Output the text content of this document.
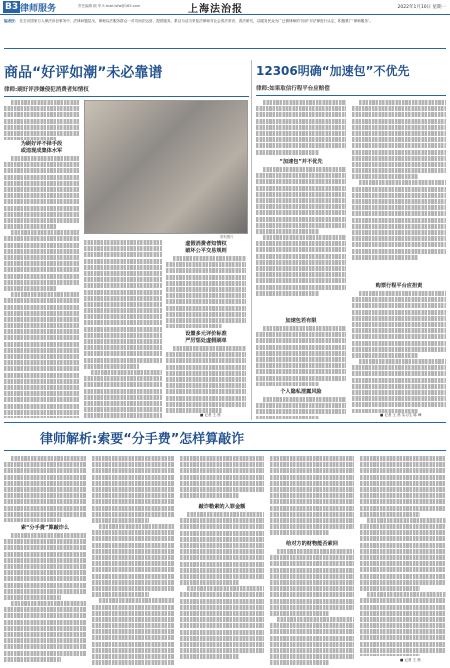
B3 律师服务	责任编辑 顾 军 E-mail:lsfw@163.com	上海法治报	2022年1月10日 星期一
编者按： 在走访国家万人律法诉讼事务中，法律问题层出，律师以法服务群众一对司而法运营、提供服务。系以为活当采复法律师对社会普法常识，普法研究，以服务民众为广泛做律师的‘知识’对法律进行认定，积极推广‘律师服务’。
商品“好评如潮”未必靠谱
律师:刷好评涉嫌侵犯消费者知情权
为刷好评不择手段
或违现成集体水军
资料图片
虚假消费者知情权
破坏公平交易规则
设置多元评价标准
严厉惩处虚假刷单
■ 记者 王 茜
12306明确“加速包”不优先
律师:如果取信行程平台应赔偿
“加速包”并不优先
加速包若有限
个人隐私泄露风险
购票行程平台应担责
■ 记者 王 茜 实习生 陈 峰
律师解析:索要“分手费”怎样算敲诈
索“分手费”算敲诈么
敲诈勒索的入罪金额
给对方的财物能否索回
■ 记者 王 茜
